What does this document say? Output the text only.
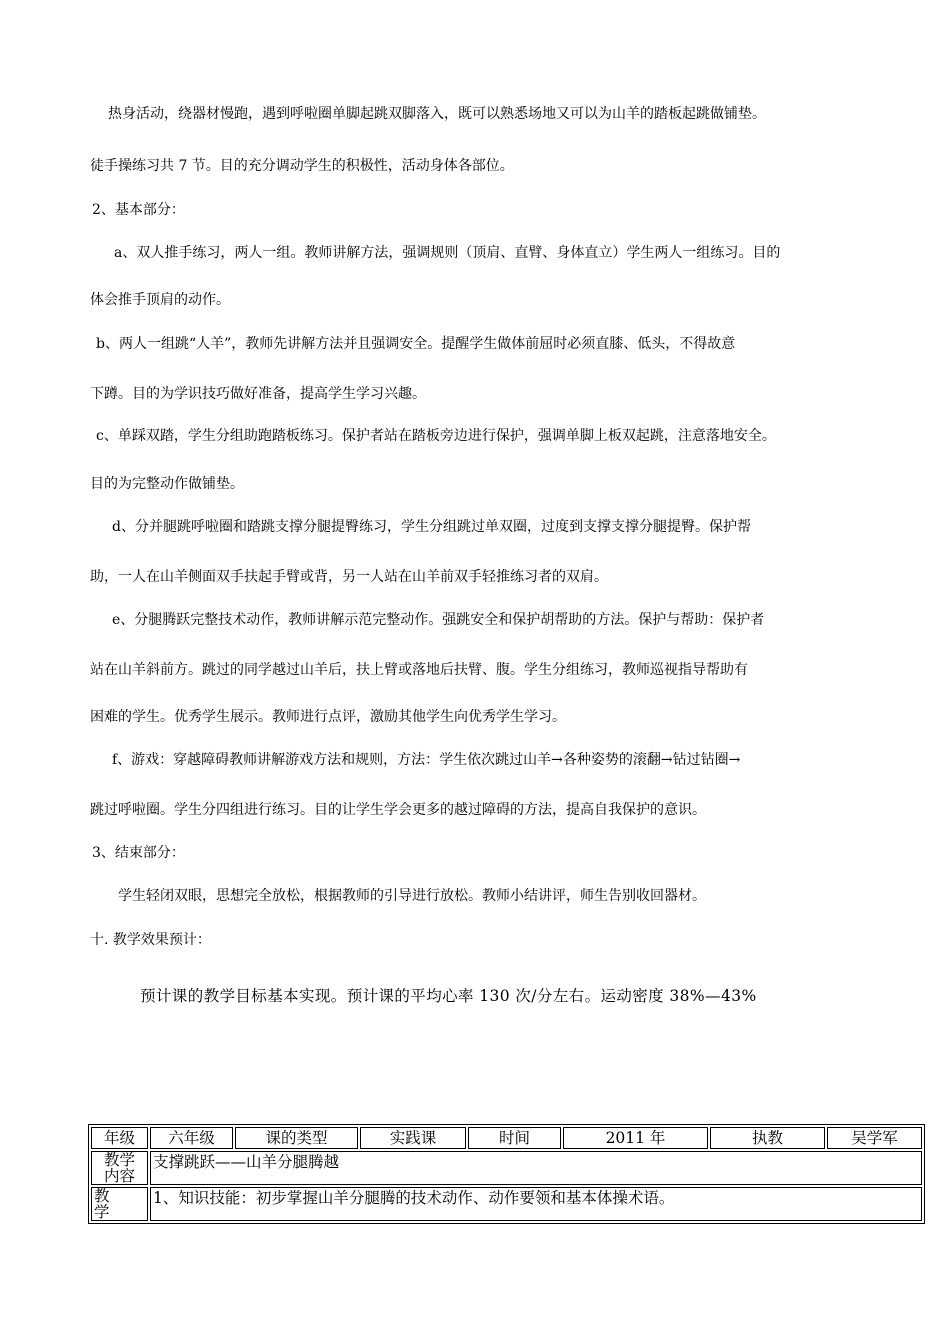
热身活动，绕器材慢跑，遇到呼啦圈单脚起跳双脚落入，既可以熟悉场地又可以为山羊的踏板起跳做铺垫。
徒手操练习共 7 节。目的充分调动学生的积极性，活动身体各部位。
2、基本部分：
a、双人推手练习，两人一组。教师讲解方法，强调规则（顶肩、直臂、身体直立）学生两人一组练习。目的
体会推手顶肩的动作。
b、两人一组跳“人羊”，教师先讲解方法并且强调安全。提醒学生做体前屈时必须直膝、低头，不得故意
下蹲。目的为学识技巧做好准备，提高学生学习兴趣。
c、单踩双踏，学生分组助跑踏板练习。保护者站在踏板旁边进行保护，强调单脚上板双起跳，注意落地安全。
目的为完整动作做铺垫。
d、分并腿跳呼啦圈和踏跳支撑分腿提臀练习，学生分组跳过单双圈，过度到支撑支撑分腿提臀。保护帮
助，一人在山羊侧面双手扶起手臂或背，另一人站在山羊前双手轻推练习者的双肩。
e、分腿腾跃完整技术动作，教师讲解示范完整动作。强跳安全和保护胡帮助的方法。保护与帮助：保护者
站在山羊斜前方。跳过的同学越过山羊后，扶上臂或落地后扶臂、腹。学生分组练习，教师巡视指导帮助有
困难的学生。优秀学生展示。教师进行点评，激励其他学生向优秀学生学习。
f、游戏：穿越障碍教师讲解游戏方法和规则，方法：学生依次跳过山羊→各种姿势的滚翻→钻过钻圈→
跳过呼啦圈。学生分四组进行练习。目的让学生学会更多的越过障碍的方法，提高自我保护的意识。
3、结束部分：
学生轻闭双眼，思想完全放松，根据教师的引导进行放松。教师小结讲评，师生告别收回器材。
十. 教学效果预计：
预计课的教学目标基本实现。预计课的平均心率 130 次/分左右。运动密度 38%—43%
年级	六年级	课的类型	实践课	时间	2011 年	执教	吴学军

教学
内容	支撑跳跃——山羊分腿腾越						

教
学	1、知识技能：初步掌握山羊分腿腾的技术动作、动作要领和基本体操术语。						
